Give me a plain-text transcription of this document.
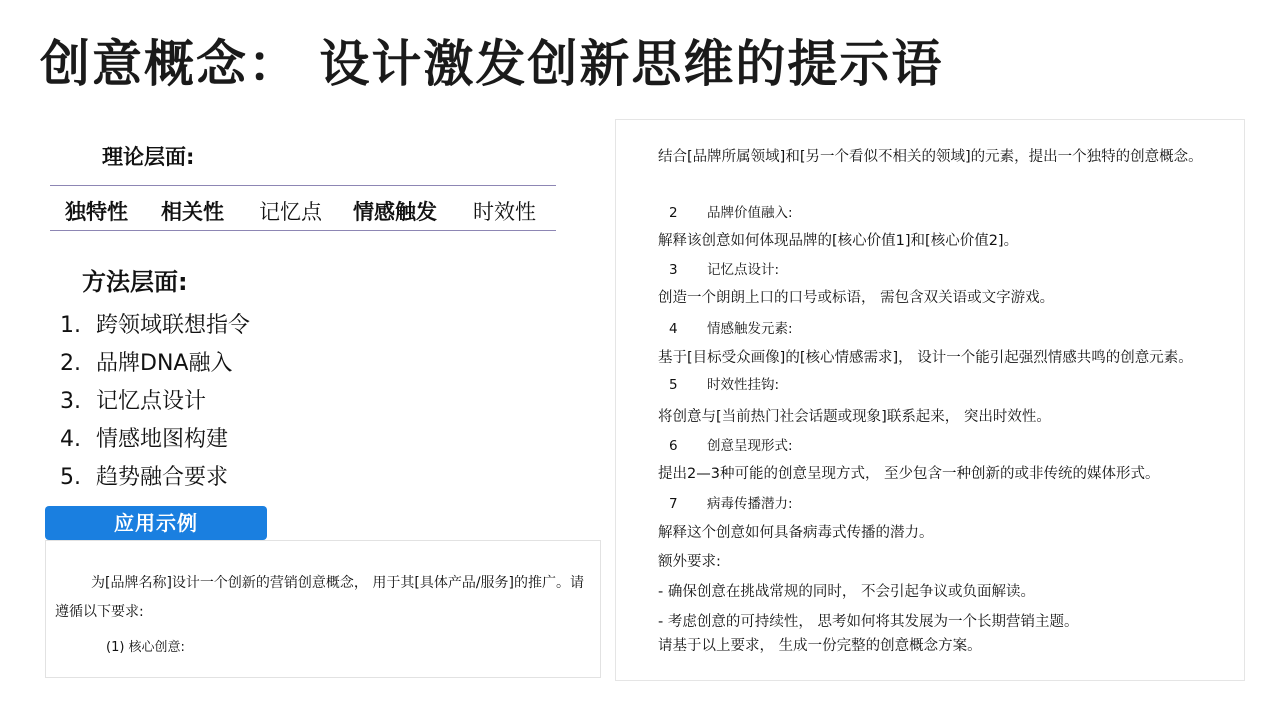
创意概念： 设计激发创新思维的提示语
理论层面:
独特性 相关性 记忆点 情感触发 时效性
方法层面:
1. 跨领域联想指令
2. 品牌DNA融入
3. 记忆点设计
4. 情感地图构建
5. 趋势融合要求
应用示例
为[品牌名称]设计一个创新的营销创意概念， 用于其[具体产品/服务]的推广。请遵循以下要求:
(1) 核心创意:
结合[品牌所属领域]和[另一个看似不相关的领域]的元素，提出一个独特的创意概念。
2 品牌价值融入:
解释该创意如何体现品牌的[核心价值1]和[核心价值2]。
3 记忆点设计:
创造一个朗朗上口的口号或标语， 需包含双关语或文字游戏。
4 情感触发元素:
基于[目标受众画像]的[核心情感需求]， 设计一个能引起强烈情感共鸣的创意元素。
5 时效性挂钩:
将创意与[当前热门社会话题或现象]联系起来， 突出时效性。
6 创意呈现形式:
提出2—3种可能的创意呈现方式， 至少包含一种创新的或非传统的媒体形式。
7 病毒传播潜力:
解释这个创意如何具备病毒式传播的潜力。
额外要求:
- 确保创意在挑战常规的同时， 不会引起争议或负面解读。
- 考虑创意的可持续性， 思考如何将其发展为一个长期营销主题。
请基于以上要求， 生成一份完整的创意概念方案。
